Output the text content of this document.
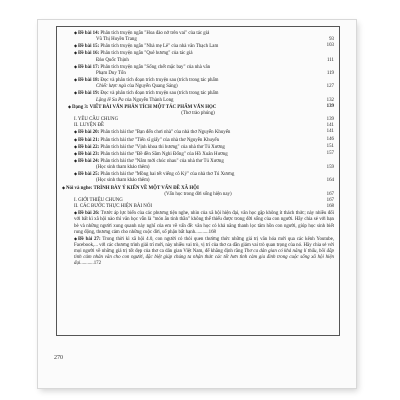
◆Đề bài 14: Phân tích truyện ngắn "Hoa đào nở trên vai" của tác giả
Vũ Thị Huyền Trang	93
◆Đề bài 15: Phân tích truyện ngắn "Nhà mẹ Lê" của nhà văn Thạch Lam	103
◆Đề bài 16: Phân tích truyện ngắn "Quê hương" của tác giả
Đào Quốc Thịnh	111
◆Đề bài 17: Phân tích truyện ngắn "Sống chết mặc bay" của nhà văn
Phạm Duy Tốn	119
◆Đề bài 18: Đọc và phân tích đoạn trích truyện sau (trích trong tác phẩm
Chiếc lược ngà của Nguyễn Quang Sáng)	127
◆Đề bài 19: Đọc và phân tích đoạn trích truyện sau (trích trong tác phẩm
Lặng lẽ Sa Pa của Nguyễn Thành Long	132
◆Dạng 3: VIẾT BÀI VĂN PHÂN TÍCH MỘT TÁC PHẨM VĂN HỌC	139
(Thơ trào phúng)
I. YÊU CẦU CHUNG	139
II. LUYỆN ĐỀ	141
◆Đề bài 20: Phân tích bài thơ "Bạn đến chơi nhà" của nhà thơ Nguyễn Khuyến	141
◆Đề bài 21: Phân tích bài thơ "Tiến sĩ giấy" của nhà thơ Nguyễn Khuyến	146
◆Đề bài 22: Phân tích bài thơ "Vịnh khoa thi hương" của nhà thơ Tú Xương	151
◆Đề bài 23: Phân tích bài thơ "Đề đền Sầm Nghi Đống" của Hồ Xuân Hương	157
◆Đề bài 24: Phân tích bài thơ "Năm mới chúc nhau" của nhà thơ Tú Xương
(Học sinh tham khảo thêm)	159
◆Đề bài 25: Phân tích bài thơ "Mồng hai tết viếng cô Ký" của nhà thơ Tú Xương
(Học sinh tham khảo thêm)	164
◆Nói và nghe: TRÌNH BÀY Ý KIẾN VỀ MỘT VẤN ĐỀ XÃ HỘI
(Vấn học trong đời sống hiện nay)	167
I. GIỚI THIỆU CHUNG	167
II. CÁC BƯỚC THỰC HIỆN BÀI NÓI	168
◆Đề bài 26: Trước áp lực biến của các phương tiện nghe, nhìn của xã hội hiện đại, văn học gặp không ít thách thức; này nhiều đối với bất kì xã hội nào thì văn học vẫn là "món ăn tinh thần" không thể thiếu được trong đời sống của con người. Hãy chia sẻ với bạn bè và những người xung quanh này nghĩ của em về vấn đề: văn học có khả năng thanh lọc tâm hồn con người, giúp học sinh biết rung động, thương cảm cho những cuộc đời, số phận bất hạnh...........168
◆Đề bài 27: Trong thời kì xã hội 4.0, con người có thói quen thường thức những giá trị văn hóa mới qua các kênh Youtube, Facebook,... với các chương trình giải trí mới, này nhiều vai trò, vị trí của thơ ca dần giảm vai trò quan trọng của nó. Hãy chia sẻ với mọi người về những giá trị tốt đẹp của thơ ca dân gian Việt Nam, để khẳng định rằng Thơ ca dân gian có khả năng lí thấu, bồi đắp tình cảm nhân văn cho con người, đặc biệt giúp chúng ta nhận thức các tốt hơn tình cảm gia đình trong cuộc sống xã hội hiện đại...........172
270
